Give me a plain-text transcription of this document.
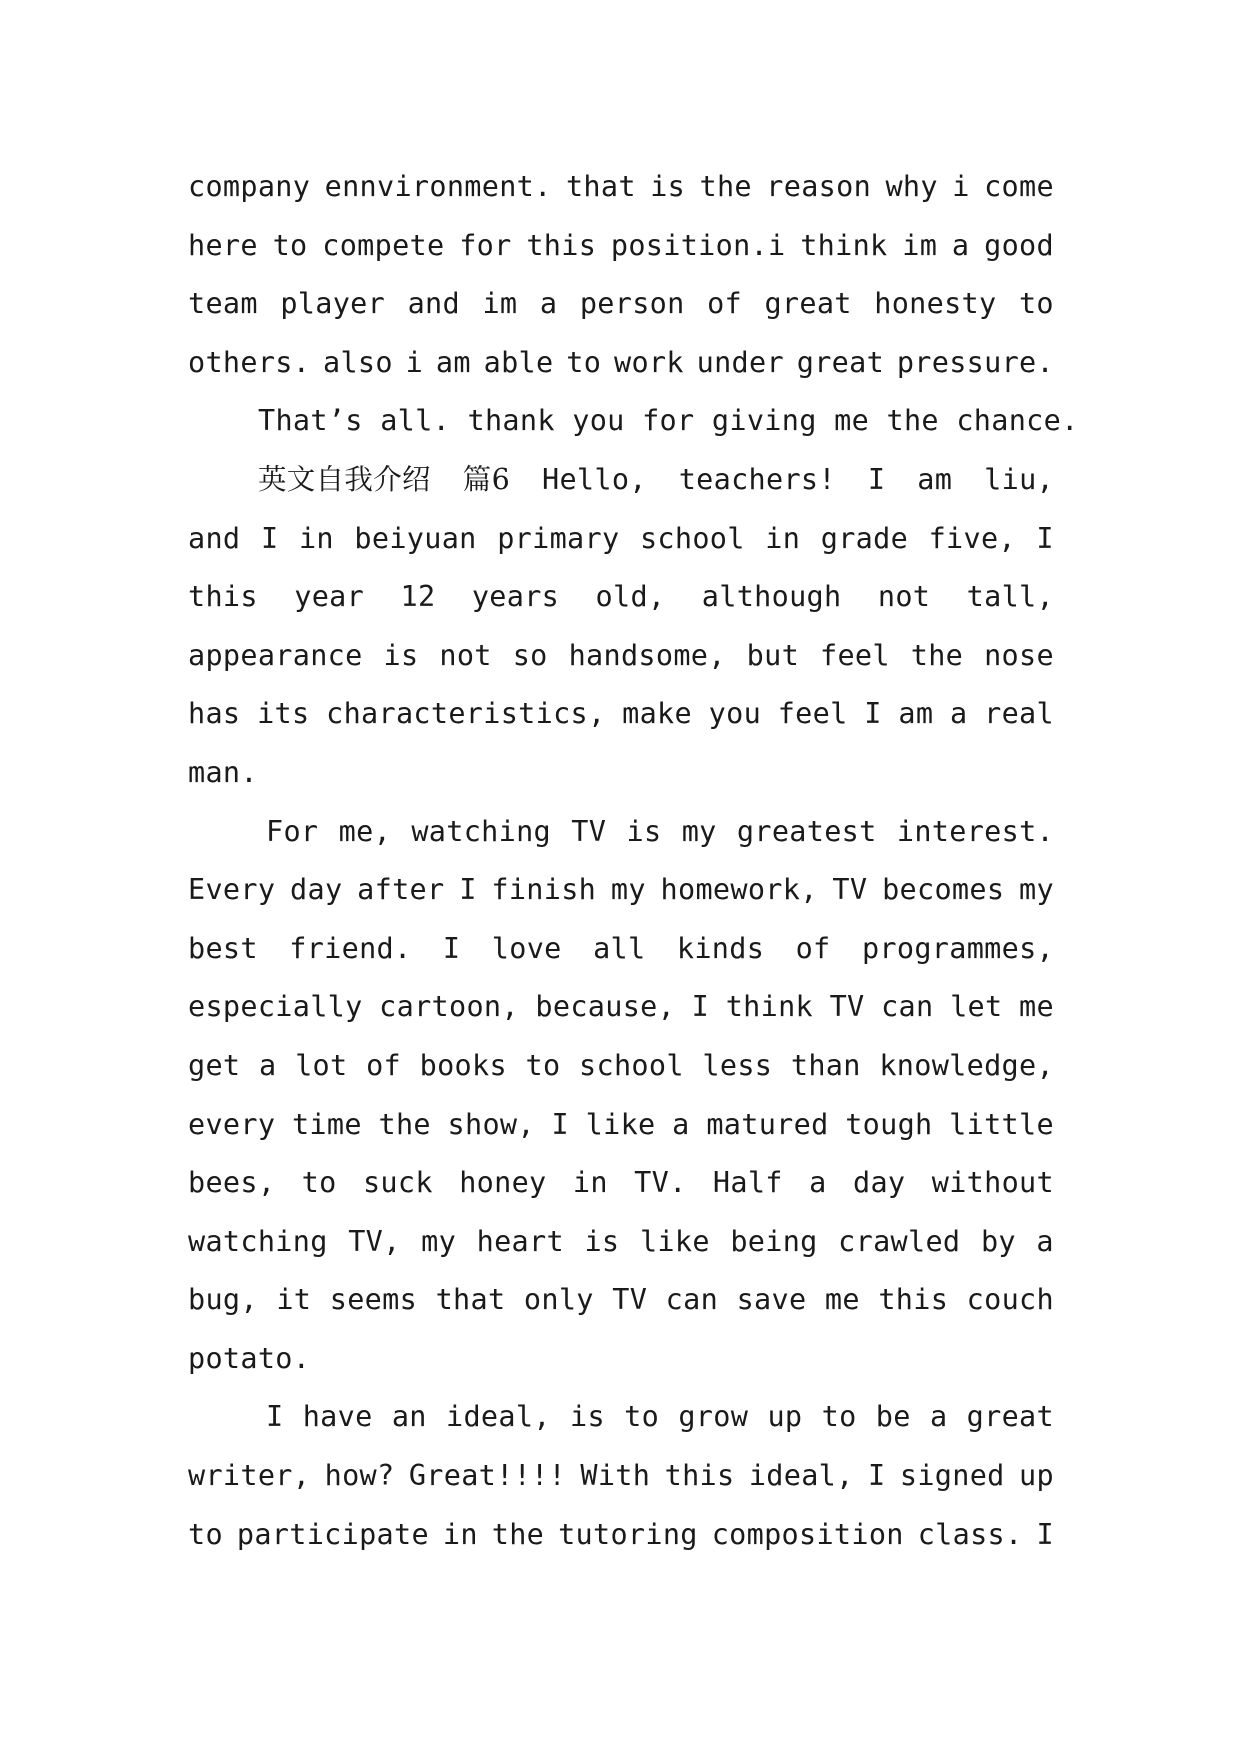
company ennvironment. that is the reason why i come
here to compete for this position.i think im a good
team player and im a person of great honesty to
others. also i am able to work under great pressure.
That’s all. thank you for giving me the chance.
英文自我介绍 篇6 Hello, teachers! I am liu,
and I in beiyuan primary school in grade five, I
this year 12 years old, although not tall,
appearance is not so handsome, but feel the nose
has its characteristics, make you feel I am a real
man.
For me, watching TV is my greatest interest.
Every day after I finish my homework, TV becomes my
best friend. I love all kinds of programmes,
especially cartoon, because, I think TV can let me
get a lot of books to school less than knowledge,
every time the show, I like a matured tough little
bees, to suck honey in TV. Half a day without
watching TV, my heart is like being crawled by a
bug, it seems that only TV can save me this couch
potato.
I have an ideal, is to grow up to be a great
writer, how? Great!!!! With this ideal, I signed up
to participate in the tutoring composition class. I
